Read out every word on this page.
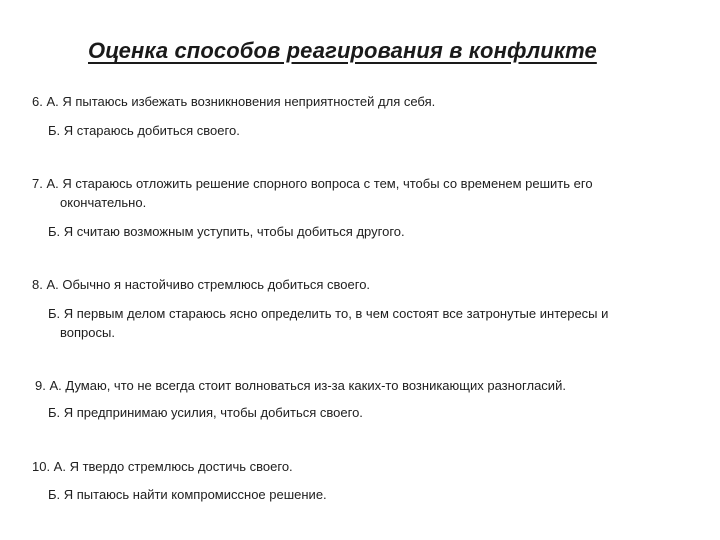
Оценка способов реагирования в конфликте
6. А. Я пытаюсь избежать возникновения неприятностей для себя.
Б. Я стараюсь добиться своего.
7. А. Я стараюсь отложить решение спорного вопроса с тем, чтобы со временем решить его
окончательно.
Б. Я считаю возможным уступить, чтобы добиться другого.
8. А. Обычно я настойчиво стремлюсь добиться своего.
Б. Я первым делом стараюсь ясно определить то, в чем состоят все затронутые интересы и
вопросы.
9. А. Думаю, что не всегда стоит волноваться из-за каких-то возникающих разногласий.
Б. Я предпринимаю усилия, чтобы добиться своего.
10. А. Я твердо стремлюсь достичь своего.
Б. Я пытаюсь найти компромиссное решение.
